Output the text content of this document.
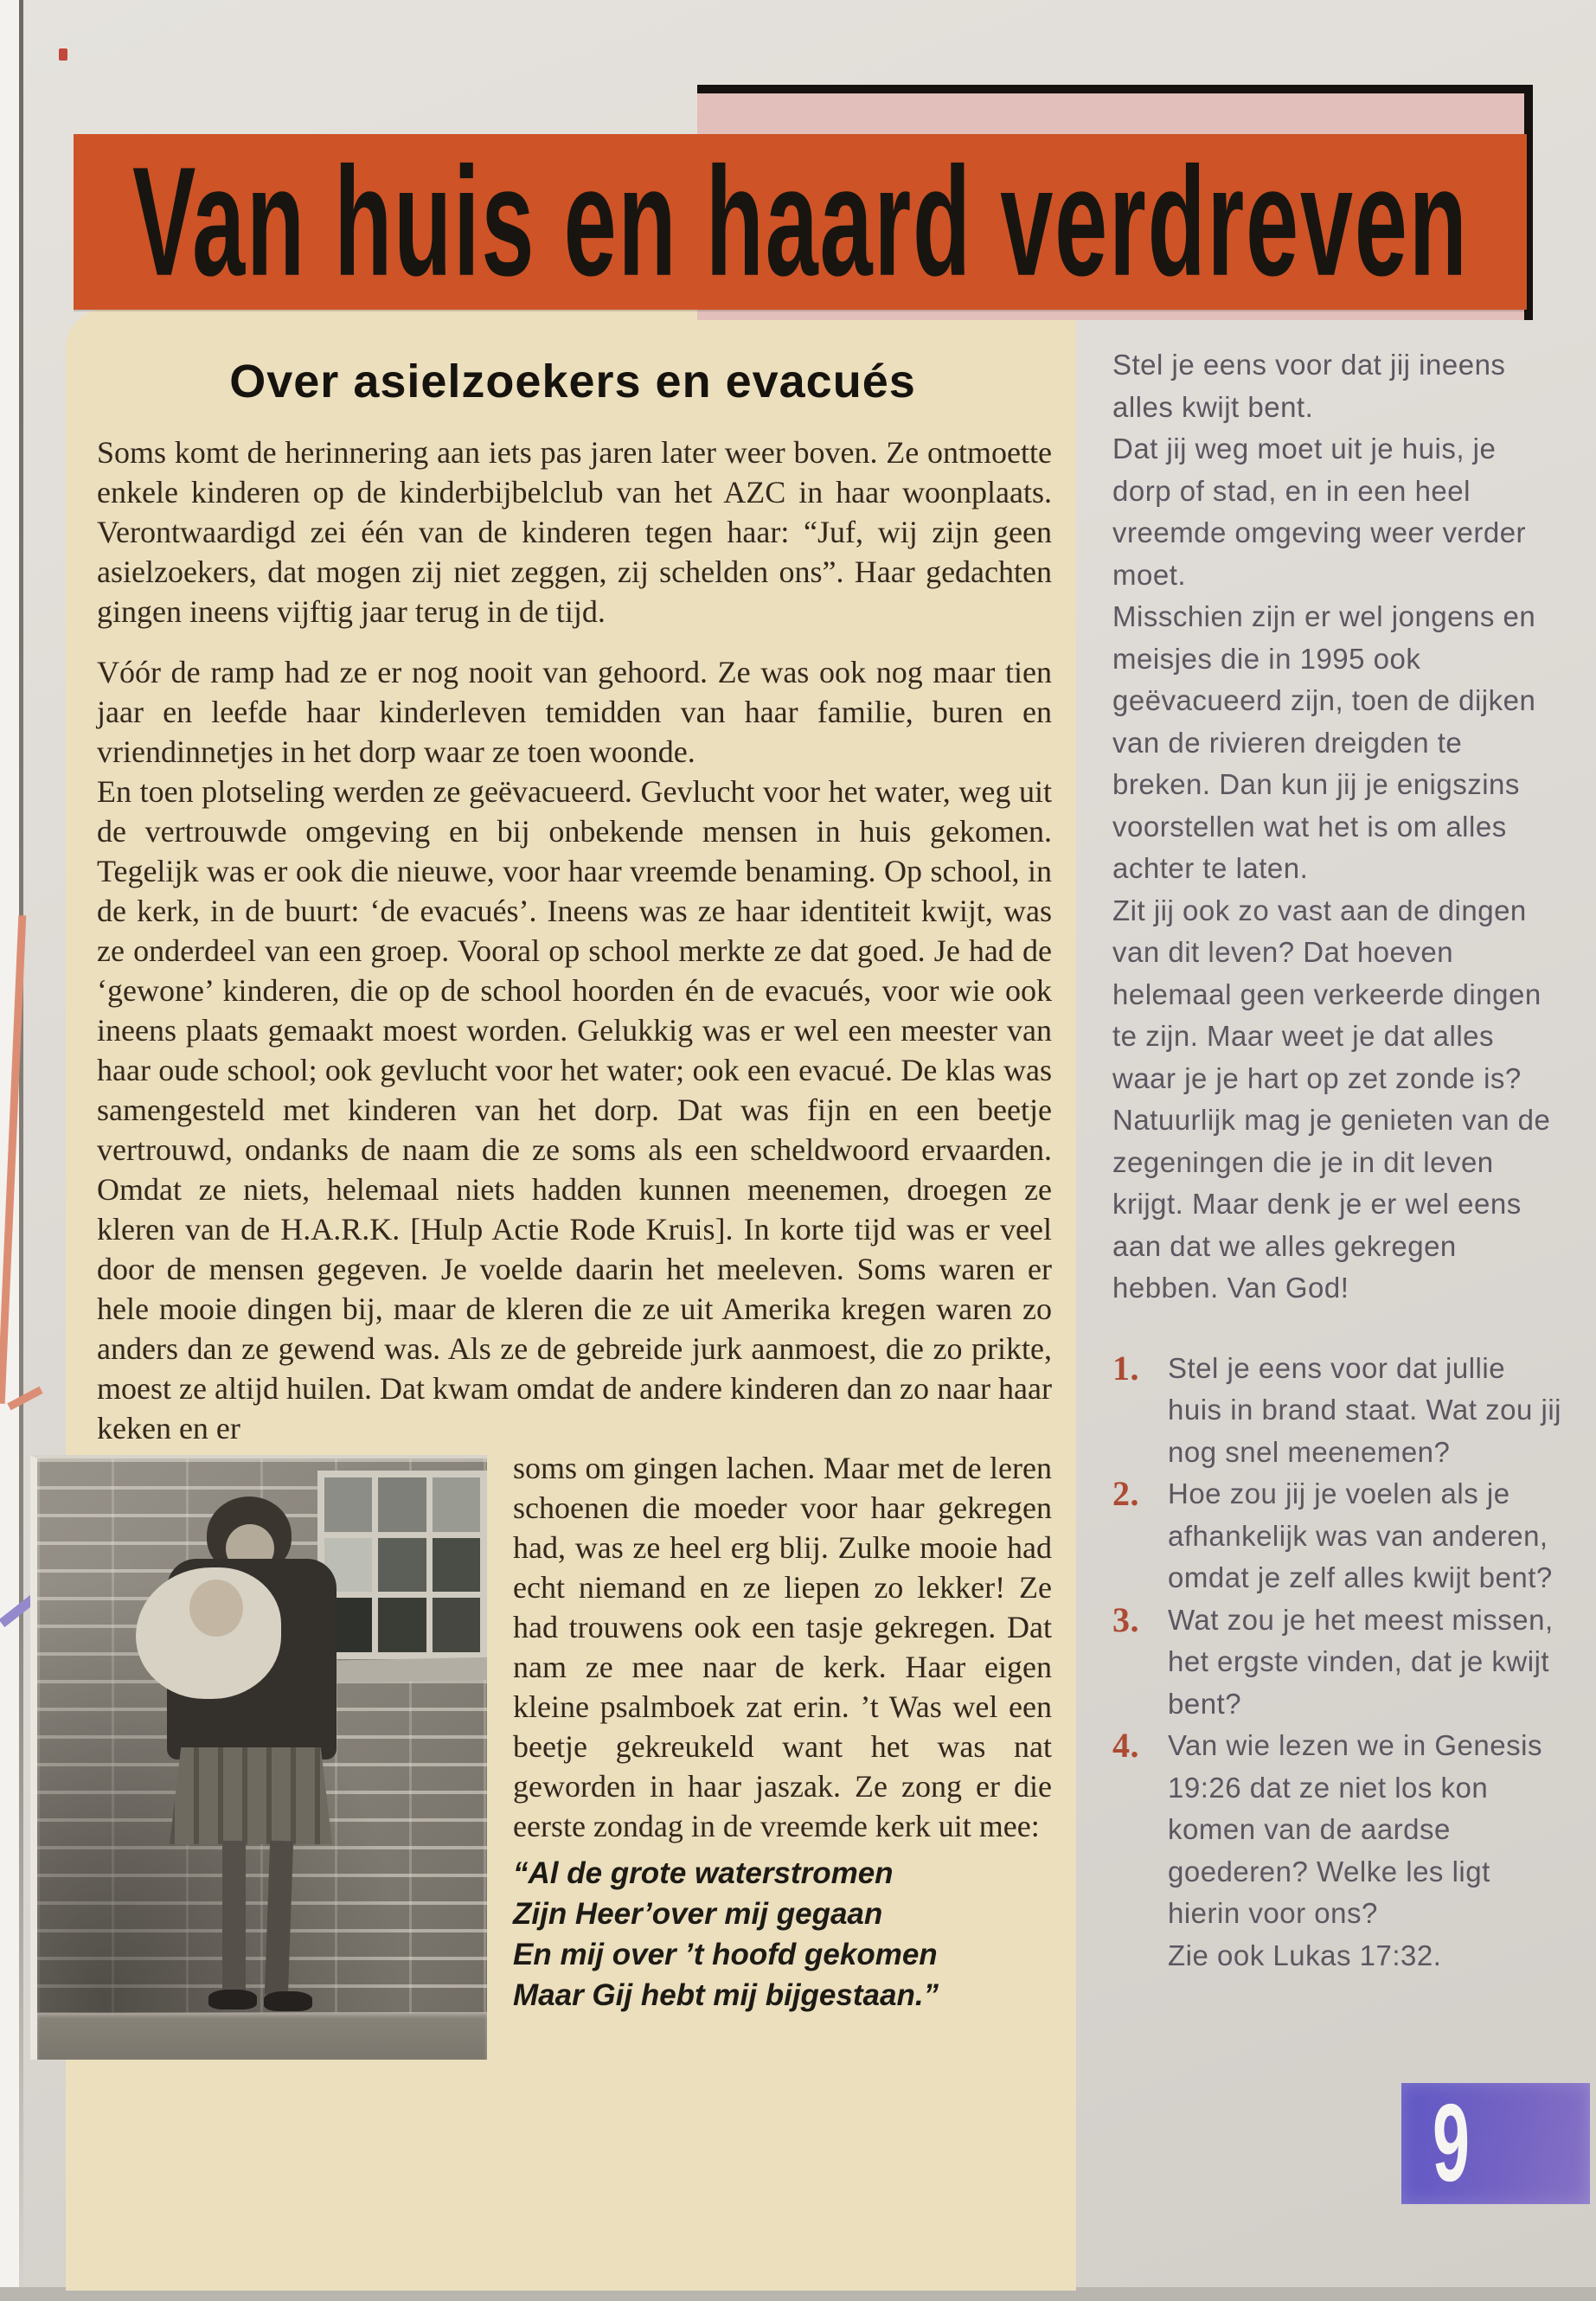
Van huis en haard verdreven
Over asielzoekers en evacués

Soms komt de herinnering aan iets pas jaren later weer boven. Ze ontmoette enkele kinderen op de kinderbijbelclub van het AZC in haar woonplaats. Verontwaardigd zei één van de kinderen tegen haar: “Juf, wij zijn geen asielzoekers, dat mogen zij niet zeggen, zij schelden ons”. Haar gedachten gingen ineens vijftig jaar terug in de tijd.

Vóór de ramp had ze er nog nooit van gehoord. Ze was ook nog maar tien jaar en leefde haar kinderleven temidden van haar familie, buren en vriendinnetjes in het dorp waar ze toen woonde.

En toen plotseling werden ze geëvacueerd. Gevlucht voor het water, weg uit de vertrouwde omgeving en bij onbekende mensen in huis gekomen. Tegelijk was er ook die nieuwe, voor haar vreemde benaming. Op school, in de kerk, in de buurt: ‘de evacués’. Ineens was ze haar identiteit kwijt, was ze onderdeel van een groep. Vooral op school merkte ze dat goed. Je had de ‘gewone’ kinderen, die op de school hoorden én de evacués, voor wie ook ineens plaats gemaakt moest worden. Gelukkig was er wel een meester van haar oude school; ook gevlucht voor het water; ook een evacué. De klas was samengesteld met kinderen van het dorp. Dat was fijn en een beetje vertrouwd, ondanks de naam die ze soms als een scheldwoord ervaarden. Omdat ze niets, helemaal niets hadden kunnen meenemen, droegen ze kleren van de H.A.R.K. [Hulp Actie Rode Kruis]. In korte tijd was er veel door de mensen gegeven. Je voelde daarin het meeleven. Soms waren er hele mooie dingen bij, maar de kleren die ze uit Amerika kregen waren zo anders dan ze gewend was. Als ze de gebreide jurk aanmoest, die zo prikte, moest ze altijd huilen. Dat kwam omdat de andere kinderen dan zo naar haar keken en er

soms om gingen lachen. Maar met de leren schoenen die moeder voor haar gekregen had, was ze heel erg blij. Zulke mooie had echt niemand en ze liepen zo lekker! Ze had trouwens ook een tasje gekregen. Dat nam ze mee naar de kerk. Haar eigen kleine psalmboek zat erin. ’t Was wel een beetje gekreukeld want het was nat geworden in haar jaszak. Ze zong er die eerste zondag in de vreemde kerk uit mee:

“Al de grote waterstromen
Zijn Heer’over mij gegaan
En mij over ’t hoofd gekomen
Maar Gij hebt mij bijgestaan.”

Stel je eens voor dat jij ineens alles kwijt bent.

Dat jij weg moet uit je huis, je dorp of stad, en in een heel vreemde omgeving weer verder moet.

Misschien zijn er wel jongens en meisjes die in 1995 ook geëvacueerd zijn, toen de dijken van de rivieren dreigden te breken. Dan kun jij je enigszins voorstellen wat het is om alles achter te laten.

Zit jij ook zo vast aan de dingen van dit leven? Dat hoeven helemaal geen verkeerde dingen te zijn. Maar weet je dat alles waar je je hart op zet zonde is?

Natuurlijk mag je genieten van de zegeningen die je in dit leven krijgt. Maar denk je er wel eens aan dat we alles gekregen hebben. Van God!

1.	Stel je eens voor dat jullie huis in brand staat. Wat zou jij nog snel meenemen?
2.	Hoe zou jij je voelen als je afhankelijk was van anderen, omdat je zelf alles kwijt bent?
3.	Wat zou je het meest missen, het ergste vinden, dat je kwijt bent?
4.	Van wie lezen we in Genesis 19:26 dat ze niet los kon komen van de aardse goederen? Welke les ligt hierin voor ons?
Zie ook Lukas 17:32.
9
